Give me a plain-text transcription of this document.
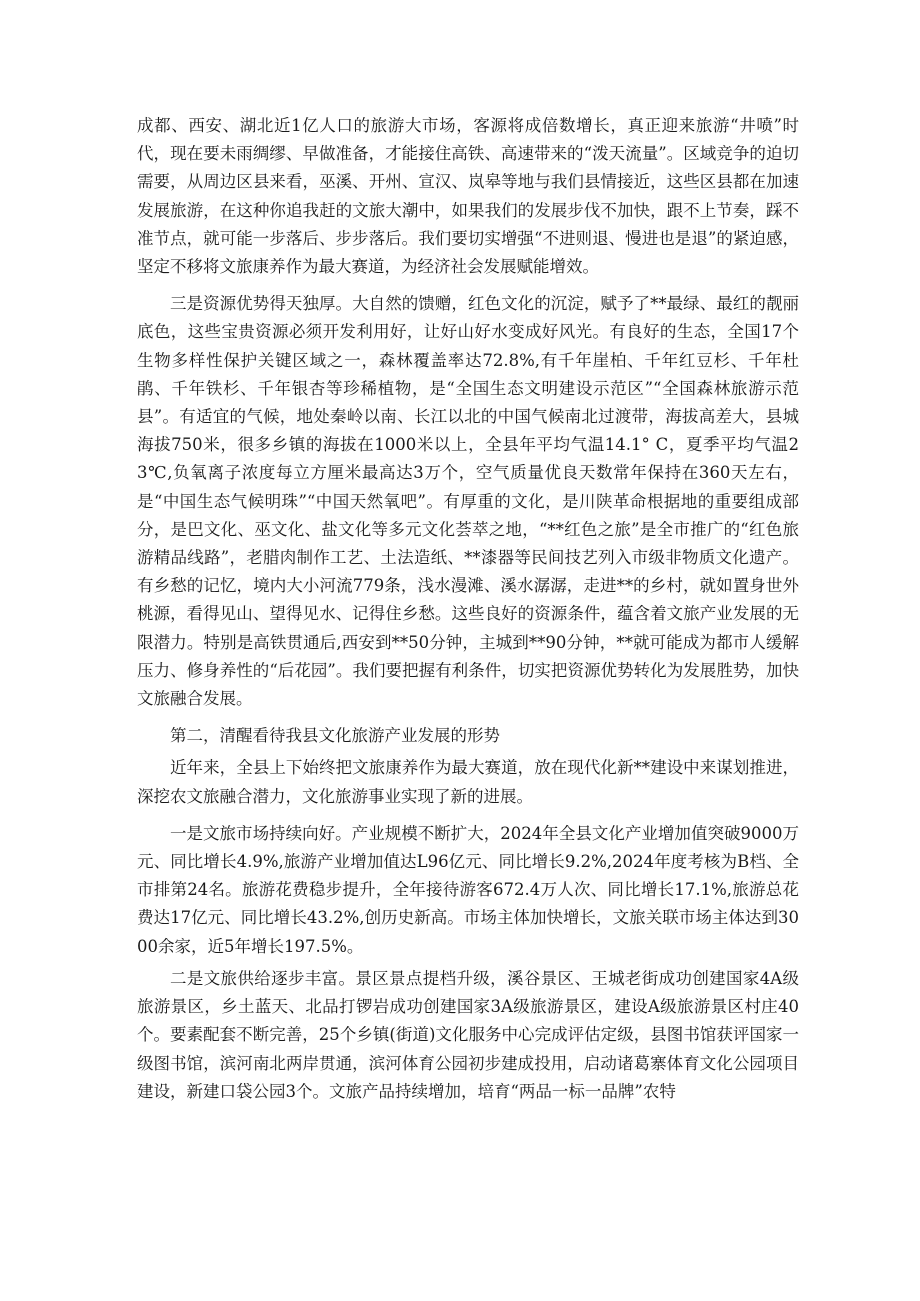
成都、西安、湖北近1亿人口的旅游大市场，客源将成倍数增长，真正迎来旅游“井喷”时代，现在要未雨绸缪、早做准备，才能接住高铁、高速带来的“泼天流量”。区域竞争的迫切需要，从周边区县来看，巫溪、开州、宣汉、岚皋等地与我们县情接近，这些区县都在加速发展旅游，在这种你追我赶的文旅大潮中，如果我们的发展步伐不加快，跟不上节奏，踩不准节点，就可能一步落后、步步落后。我们要切实增强“不进则退、慢进也是退”的紧迫感，坚定不移将文旅康养作为最大赛道，为经济社会发展赋能增效。

三是资源优势得天独厚。大自然的馈赠，红色文化的沉淀，赋予了**最绿、最红的靓丽底色，这些宝贵资源必须开发利用好，让好山好水变成好风光。有良好的生态，全国17个生物多样性保护关键区域之一，森林覆盖率达72.8%,有千年崖柏、千年红豆杉、千年杜鹃、千年铁杉、千年银杏等珍稀植物，是“全国生态文明建设示范区”“全国森林旅游示范县”。有适宜的气候，地处秦岭以南、长江以北的中国气候南北过渡带，海拔高差大，县城海拔750米，很多乡镇的海拔在1000米以上，全县年平均气温14.1° C，夏季平均气温23℃,负氧离子浓度每立方厘米最高达3万个，空气质量优良天数常年保持在360天左右，是“中国生态气候明珠”“中国天然氧吧”。有厚重的文化，是川陕革命根据地的重要组成部分，是巴文化、巫文化、盐文化等多元文化荟萃之地，“**红色之旅”是全市推广的“红色旅游精品线路”，老腊肉制作工艺、土法造纸、**漆器等民间技艺列入市级非物质文化遗产。有乡愁的记忆，境内大小河流779条，浅水漫滩、溪水潺潺，走进**的乡村，就如置身世外桃源，看得见山、望得见水、记得住乡愁。这些良好的资源条件，蕴含着文旅产业发展的无限潜力。特别是高铁贯通后,西安到**50分钟，主城到**90分钟，**就可能成为都市人缓解压力、修身养性的“后花园”。我们要把握有利条件，切实把资源优势转化为发展胜势，加快文旅融合发展。

第二，清醒看待我县文化旅游产业发展的形势

近年来，全县上下始终把文旅康养作为最大赛道，放在现代化新**建设中来谋划推进，深挖农文旅融合潜力，文化旅游事业实现了新的进展。

一是文旅市场持续向好。产业规模不断扩大，2024年全县文化产业增加值突破9000万元、同比增长4.9%,旅游产业增加值达L96亿元、同比增长9.2%,2024年度考核为B档、全市排第24名。旅游花费稳步提升，全年接待游客672.4万人次、同比增长17.1%,旅游总花费达17亿元、同比增长43.2%,创历史新高。市场主体加快增长，文旅关联市场主体达到3000余家，近5年增长197.5%。

二是文旅供给逐步丰富。景区景点提档升级，溪谷景区、王城老街成功创建国家4A级旅游景区，乡土蓝天、北品打锣岩成功创建国家3A级旅游景区，建设A级旅游景区村庄40个。要素配套不断完善，25个乡镇(街道)文化服务中心完成评估定级，县图书馆获评国家一级图书馆，滨河南北两岸贯通，滨河体育公园初步建成投用，启动诸葛寨体育文化公园项目建设，新建口袋公园3个。文旅产品持续增加，培育“两品一标一品牌”农特
